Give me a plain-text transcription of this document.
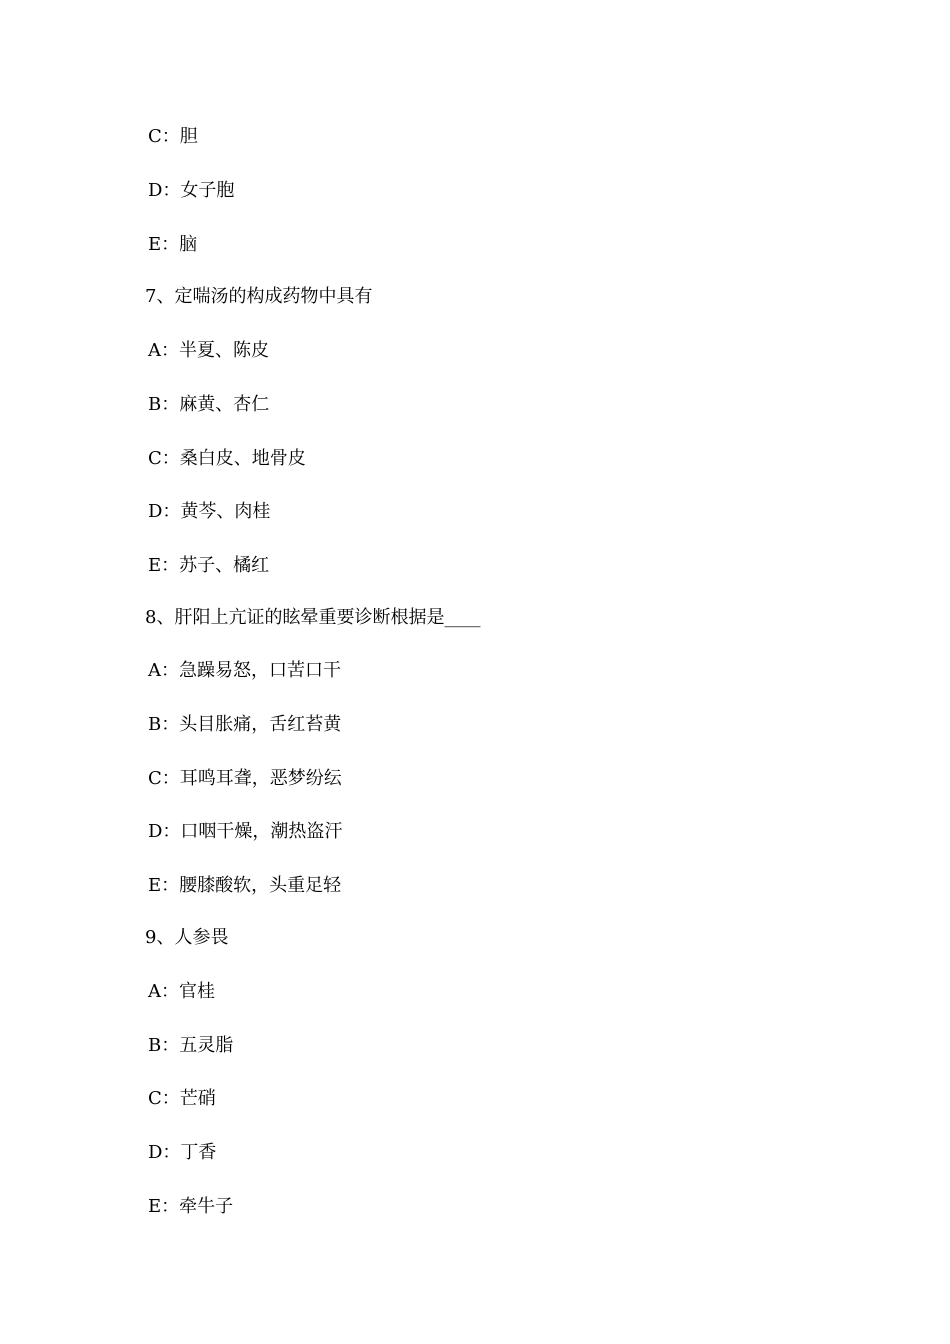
C：胆
D：女子胞
E：脑
7、定喘汤的构成药物中具有
A：半夏、陈皮
B：麻黄、杏仁
C：桑白皮、地骨皮
D：黄芩、肉桂
E：苏子、橘红
8、肝阳上亢证的眩晕重要诊断根据是____
A：急躁易怒，口苦口干
B：头目胀痛，舌红苔黄
C：耳鸣耳聋，恶梦纷纭
D：口咽干燥，潮热盗汗
E：腰膝酸软，头重足轻
9、人参畏
A：官桂
B：五灵脂
C：芒硝
D：丁香
E：牵牛子
